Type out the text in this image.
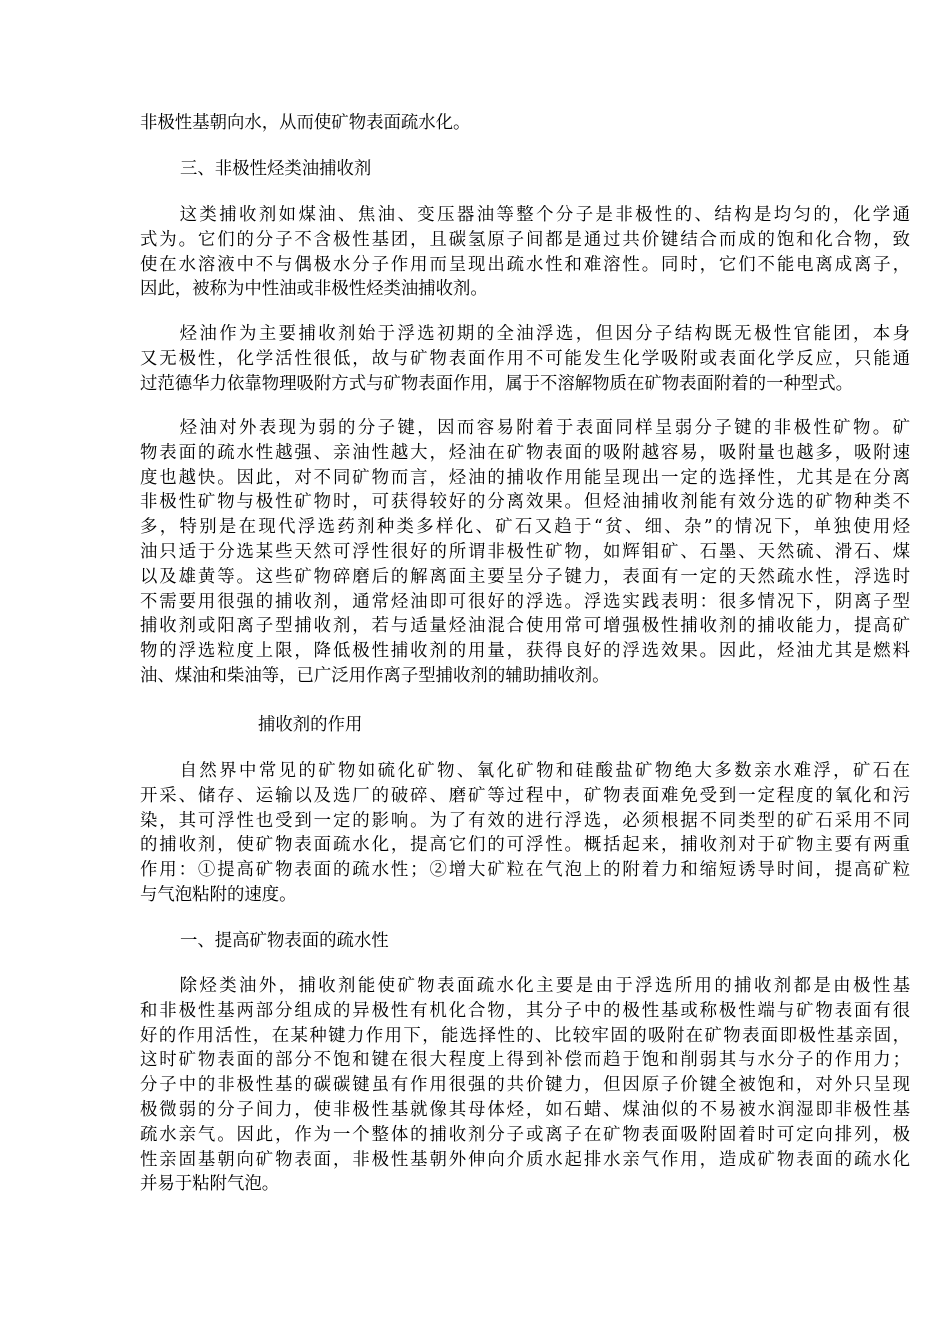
非极性基朝向水，从而使矿物表面疏水化。
三、非极性烃类油捕收剂
　　这类捕收剂如煤油、焦油、变压器油等整个分子是非极性的、结构是均匀的，化学通
式为。它们的分子不含极性基团，且碳氢原子间都是通过共价键结合而成的饱和化合物，致
使在水溶液中不与偶极水分子作用而呈现出疏水性和难溶性。同时，它们不能电离成离子，
因此，被称为中性油或非极性烃类油捕收剂。
　　烃油作为主要捕收剂始于浮选初期的全油浮选，但因分子结构既无极性官能团，本身
又无极性，化学活性很低，故与矿物表面作用不可能发生化学吸附或表面化学反应，只能通
过范德华力依靠物理吸附方式与矿物表面作用，属于不溶解物质在矿物表面附着的一种型式。
　　烃油对外表现为弱的分子键，因而容易附着于表面同样呈弱分子键的非极性矿物。矿
物表面的疏水性越强、亲油性越大，烃油在矿物表面的吸附越容易，吸附量也越多，吸附速
度也越快。因此，对不同矿物而言，烃油的捕收作用能呈现出一定的选择性，尤其是在分离
非极性矿物与极性矿物时，可获得较好的分离效果。但烃油捕收剂能有效分选的矿物种类不
多，特别是在现代浮选药剂种类多样化、矿石又趋于“贫、细、杂”的情况下，单独使用烃
油只适于分选某些天然可浮性很好的所谓非极性矿物，如辉钼矿、石墨、天然硫、滑石、煤
以及雄黄等。这些矿物碎磨后的解离面主要呈分子键力，表面有一定的天然疏水性，浮选时
不需要用很强的捕收剂，通常烃油即可很好的浮选。浮选实践表明：很多情况下，阴离子型
捕收剂或阳离子型捕收剂，若与适量烃油混合使用常可增强极性捕收剂的捕收能力，提高矿
物的浮选粒度上限，降低极性捕收剂的用量，获得良好的浮选效果。因此，烃油尤其是燃料
油、煤油和柴油等，已广泛用作离子型捕收剂的辅助捕收剂。
捕收剂的作用
　　自然界中常见的矿物如硫化矿物、氧化矿物和硅酸盐矿物绝大多数亲水难浮，矿石在
开采、储存、运输以及选厂的破碎、磨矿等过程中，矿物表面难免受到一定程度的氧化和污
染，其可浮性也受到一定的影响。为了有效的进行浮选，必须根据不同类型的矿石采用不同
的捕收剂，使矿物表面疏水化，提高它们的可浮性。概括起来，捕收剂对于矿物主要有两重
作用：①提高矿物表面的疏水性；②增大矿粒在气泡上的附着力和缩短诱导时间，提高矿粒
与气泡粘附的速度。
一、提高矿物表面的疏水性
　　除烃类油外，捕收剂能使矿物表面疏水化主要是由于浮选所用的捕收剂都是由极性基
和非极性基两部分组成的异极性有机化合物，其分子中的极性基或称极性端与矿物表面有很
好的作用活性，在某种键力作用下，能选择性的、比较牢固的吸附在矿物表面即极性基亲固，
这时矿物表面的部分不饱和键在很大程度上得到补偿而趋于饱和削弱其与水分子的作用力；
分子中的非极性基的碳碳键虽有作用很强的共价键力，但因原子价键全被饱和，对外只呈现
极微弱的分子间力，使非极性基就像其母体烃，如石蜡、煤油似的不易被水润湿即非极性基
疏水亲气。因此，作为一个整体的捕收剂分子或离子在矿物表面吸附固着时可定向排列，极
性亲固基朝向矿物表面，非极性基朝外伸向介质水起排水亲气作用，造成矿物表面的疏水化
并易于粘附气泡。
